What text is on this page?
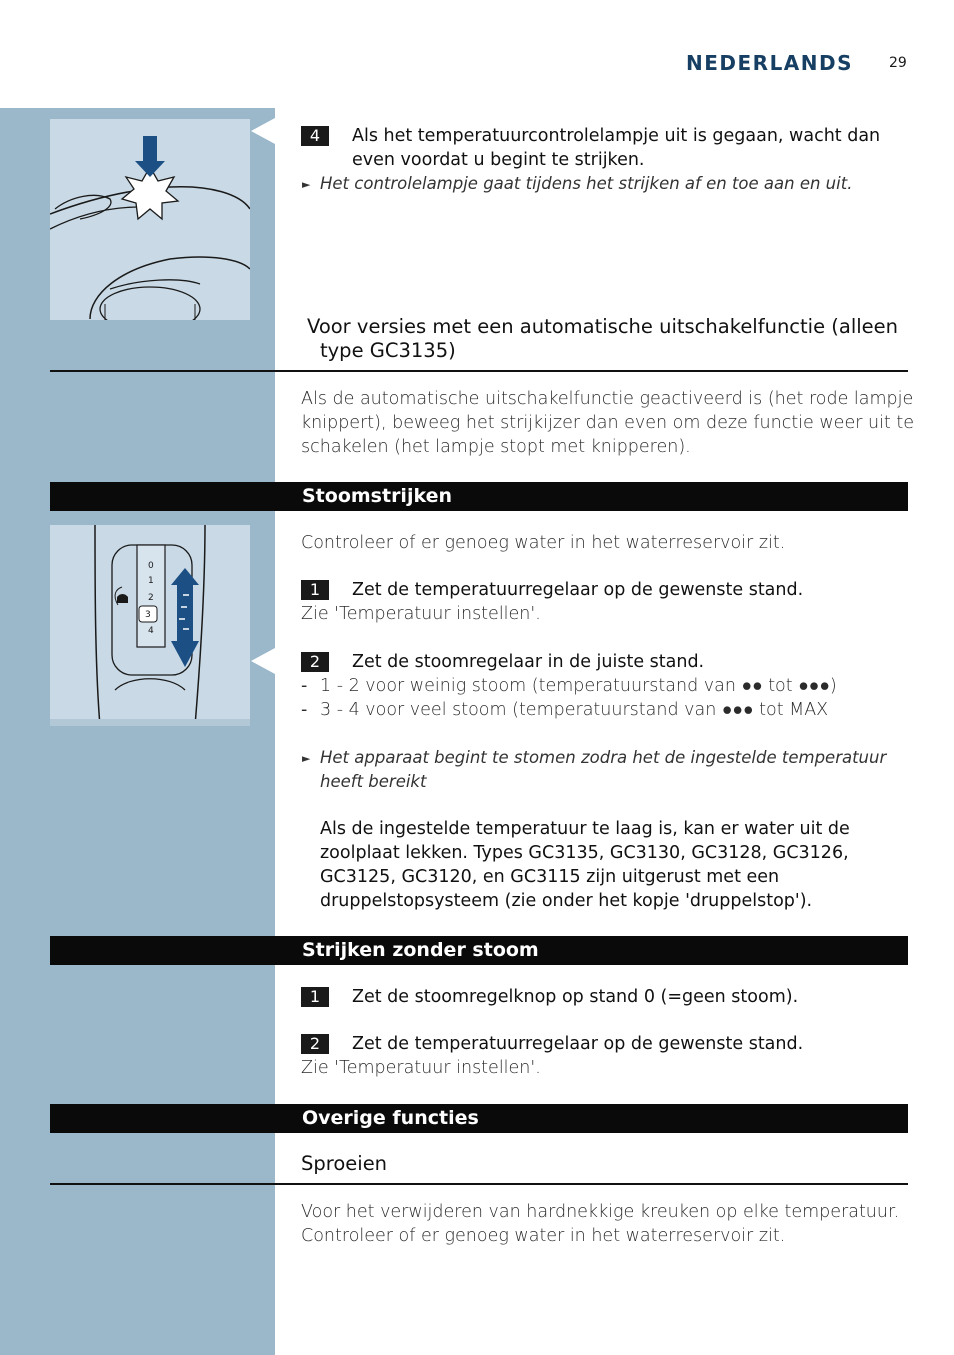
NEDERLANDS	29
4	Als het temperatuurcontrolelampje uit is gegaan, wacht dan
even voordat u begint te strijken.
► Het controlelampje gaat tijdens het strijken af en toe aan en uit.
Voor versies met een automatische uitschakelfunctie (alleen
type GC3135)
Als de automatische uitschakelfunctie geactiveerd is (het rode lampje
knippert), beweeg het strijkijzer dan even om deze functie weer uit te
schakelen (het lampje stopt met knipperen).
Stoomstrijken
0
1
2
3
4
Controleer of er genoeg water in het waterreservoir zit.
1	Zet de temperatuurregelaar op de gewenste stand.
Zie 'Temperatuur instellen'.
2	Zet de stoomregelaar in de juiste stand.
- 1 - 2 voor weinig stoom (temperatuurstand van ●● tot ●●●)
- 3 - 4 voor veel stoom (temperatuurstand van ●●● tot MAX
► Het apparaat begint te stomen zodra het de ingestelde temperatuur
heeft bereikt
Als de ingestelde temperatuur te laag is, kan er water uit de
zoolplaat lekken. Types GC3135, GC3130, GC3128, GC3126,
GC3125, GC3120, en GC3115 zijn uitgerust met een
druppelstopsysteem (zie onder het kopje 'druppelstop').
Strijken zonder stoom
1	Zet de stoomregelknop op stand 0 (=geen stoom).
2	Zet de temperatuurregelaar op de gewenste stand.
Zie 'Temperatuur instellen'.
Overige functies
Sproeien
Voor het verwijderen van hardnekkige kreuken op elke temperatuur.
Controleer of er genoeg water in het waterreservoir zit.
